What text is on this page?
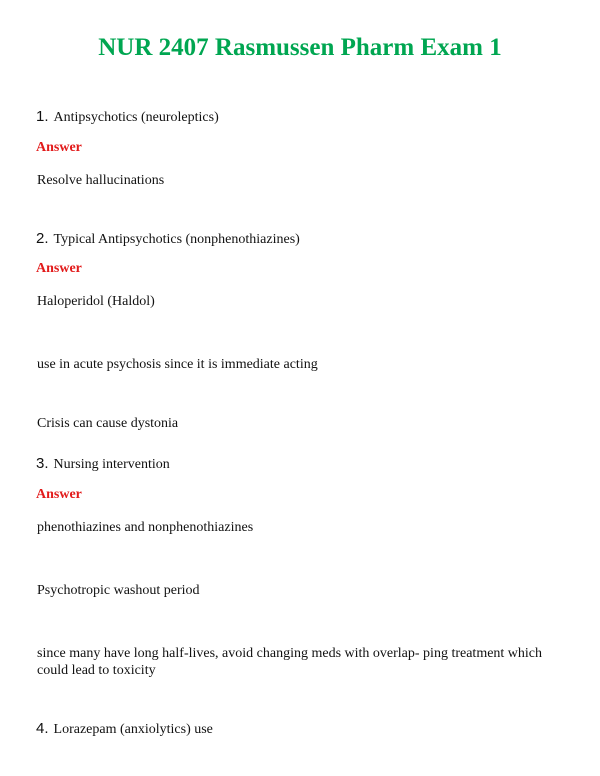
NUR 2407 Rasmussen Pharm Exam 1
1. Antipsychotics (neuroleptics)
Answer
Resolve hallucinations
2. Typical Antipsychotics (nonphenothiazines)
Answer
Haloperidol (Haldol)
use in acute psychosis since it is immediate acting
Crisis can cause dystonia
3. Nursing intervention
Answer
phenothiazines and nonphenothiazines
Psychotropic washout period
since many have long half-lives, avoid changing meds with overlap- ping treatment which could lead to toxicity
4. Lorazepam (anxiolytics) use
